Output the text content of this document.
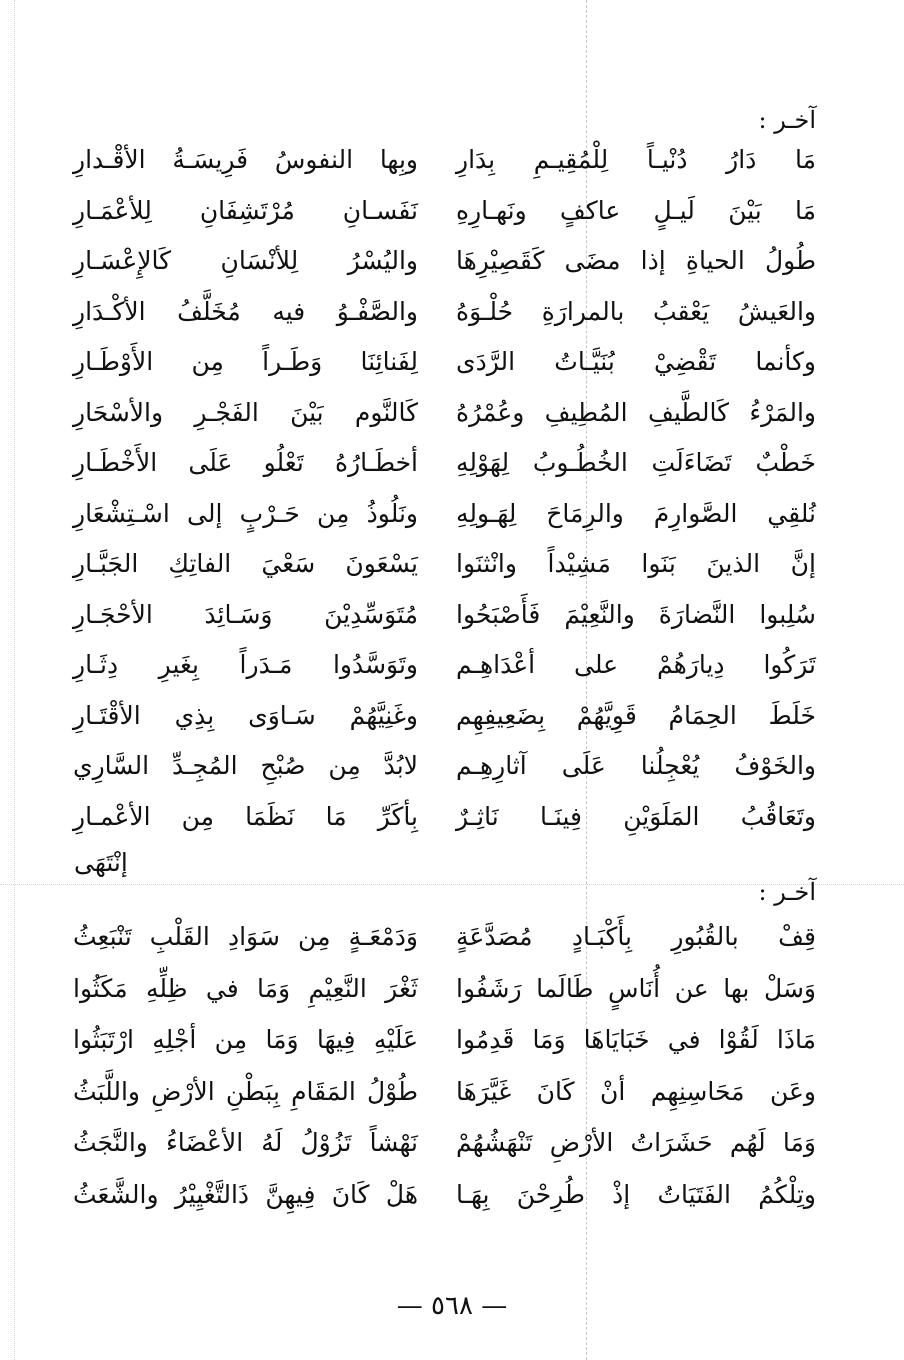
آخـر :
مَا دَارُ دُنْيـاً لِلْمُقِيـمِ بِدَارِ
وبِها النفوسُ فَرِيسَـةُ الأقْـدارِ
مَا بَيْنَ لَيـلٍ عاكفٍ ونَهـارِهِ
نَفَسـانِ مُرْتَشِفَانِ لِلأعْمَـارِ
طُولُ الحياةِ إذا مضَى كَقَصِيْرِهَا
واليُسْرُ لِلأنْسَانِ كَالإِعْسَـارِ
والعَيشُ يَعْقبُ بالمرارَةِ حُلْـوَهُ
والصَّفْـوُ فيه مُخَلَّفُ الأكْـدَارِ
وكأنما تَقْضِيْ بُنَيَّـاتُ الرَّدَى
لِفَنائِنَا وَطَـراً مِن الأَوْطَـارِ
والمَرْءُ كَالطَّيفِ المُطِيفِ وعُمْرُهُ
كَالنَّوم بَيْنَ الفَجْـرِ والأسْحَارِ
خَطْبٌ تَضَاءَلَتِ الخُطُـوبُ لِهَوْلِهِ
أخطَـارُهُ تَعْلُو عَلَى الأَخْطَـارِ
نُلقِي الصَّوارِمَ والرِمَاحَ لِهَـولِهِ
ونَلُوذُ مِن حَـرْبٍ إلى اسْـتِشْعَارِ
إنَّ الذينَ بَنَوا مَشِيْداً وانْثنَوا
يَسْعَونَ سَعْيَ الفاتِكِ الجَبَّـارِ
سُلِبوا النَّضارَةَ والنَّعِيْمَ فَأَصْبَحُوا
مُتَوَسِّدِيْنَ وَسَـائِدَ الأحْجَـارِ
تَرَكُوا دِيارَهُمْ على أعْدَاهِـم
وتَوَسَّدُوا مَـدَراً بِغَيرِ دِثَـارِ
خَلَطَ الحِمَامُ قَوِيَّهُمْ بِضَعِيفِهِم
وغَنِيَّهُمْ سَـاوَى بِذِي الأقْتَـارِ
والخَوْفُ يُعْجِلُنا عَلَى آثارِهِـم
لابُدَّ مِن صُبْحِ المُجِـدِّ السَّارِي
وتَعَاقُبُ المَلَوَيْنِ فِينَـا نَاثِـرٌ
بِأكَرِّ مَا نَظَمَا مِن الأعْمـارِ
إنْتَهَى
آخـر :
قِفْ بالقُبُورِ بِأَكْبَـادٍ مُصَدَّعَةٍ
وَدَمْعَـةٍ مِن سَوَادِ القَلْبِ تَنْبَعِثُ
وَسَلْ بها عن أُنَاسٍ طَالَما رَشَفُوا
ثَغْرَ النَّعِيْمِ وَمَا في ظِلِّهِ مَكَثُوا
مَاذَا لَقُوْا في خَبَايَاهَا وَمَا قَدِمُوا
عَلَيْهِ فِيهَا وَمَا مِن أجْلِهِ ارْتَبَثُوا
وعَن مَحَاسِنِهِم أنْ كَانَ غَيَّرَهَا
طُوْلُ المَقَامِ بِبَطْنِ الأرْضِ واللَّبَثُ
وَمَا لَهُم حَشَرَاتُ الأرْضِ تَنْهَشُهُمْ
نَهْشاً تَزُوْلُ لَهُ الأعْضَاءُ والنَّجَثُ
وتِلْكُمُ الفَتَيَاتُ إذْ طُرِحْنَ بِهَـا
هَلْ كَانَ فِيهِنَّ ذَالتَّغْيِيْرُ والشَّعَثُ
— ٥٦٨ —
